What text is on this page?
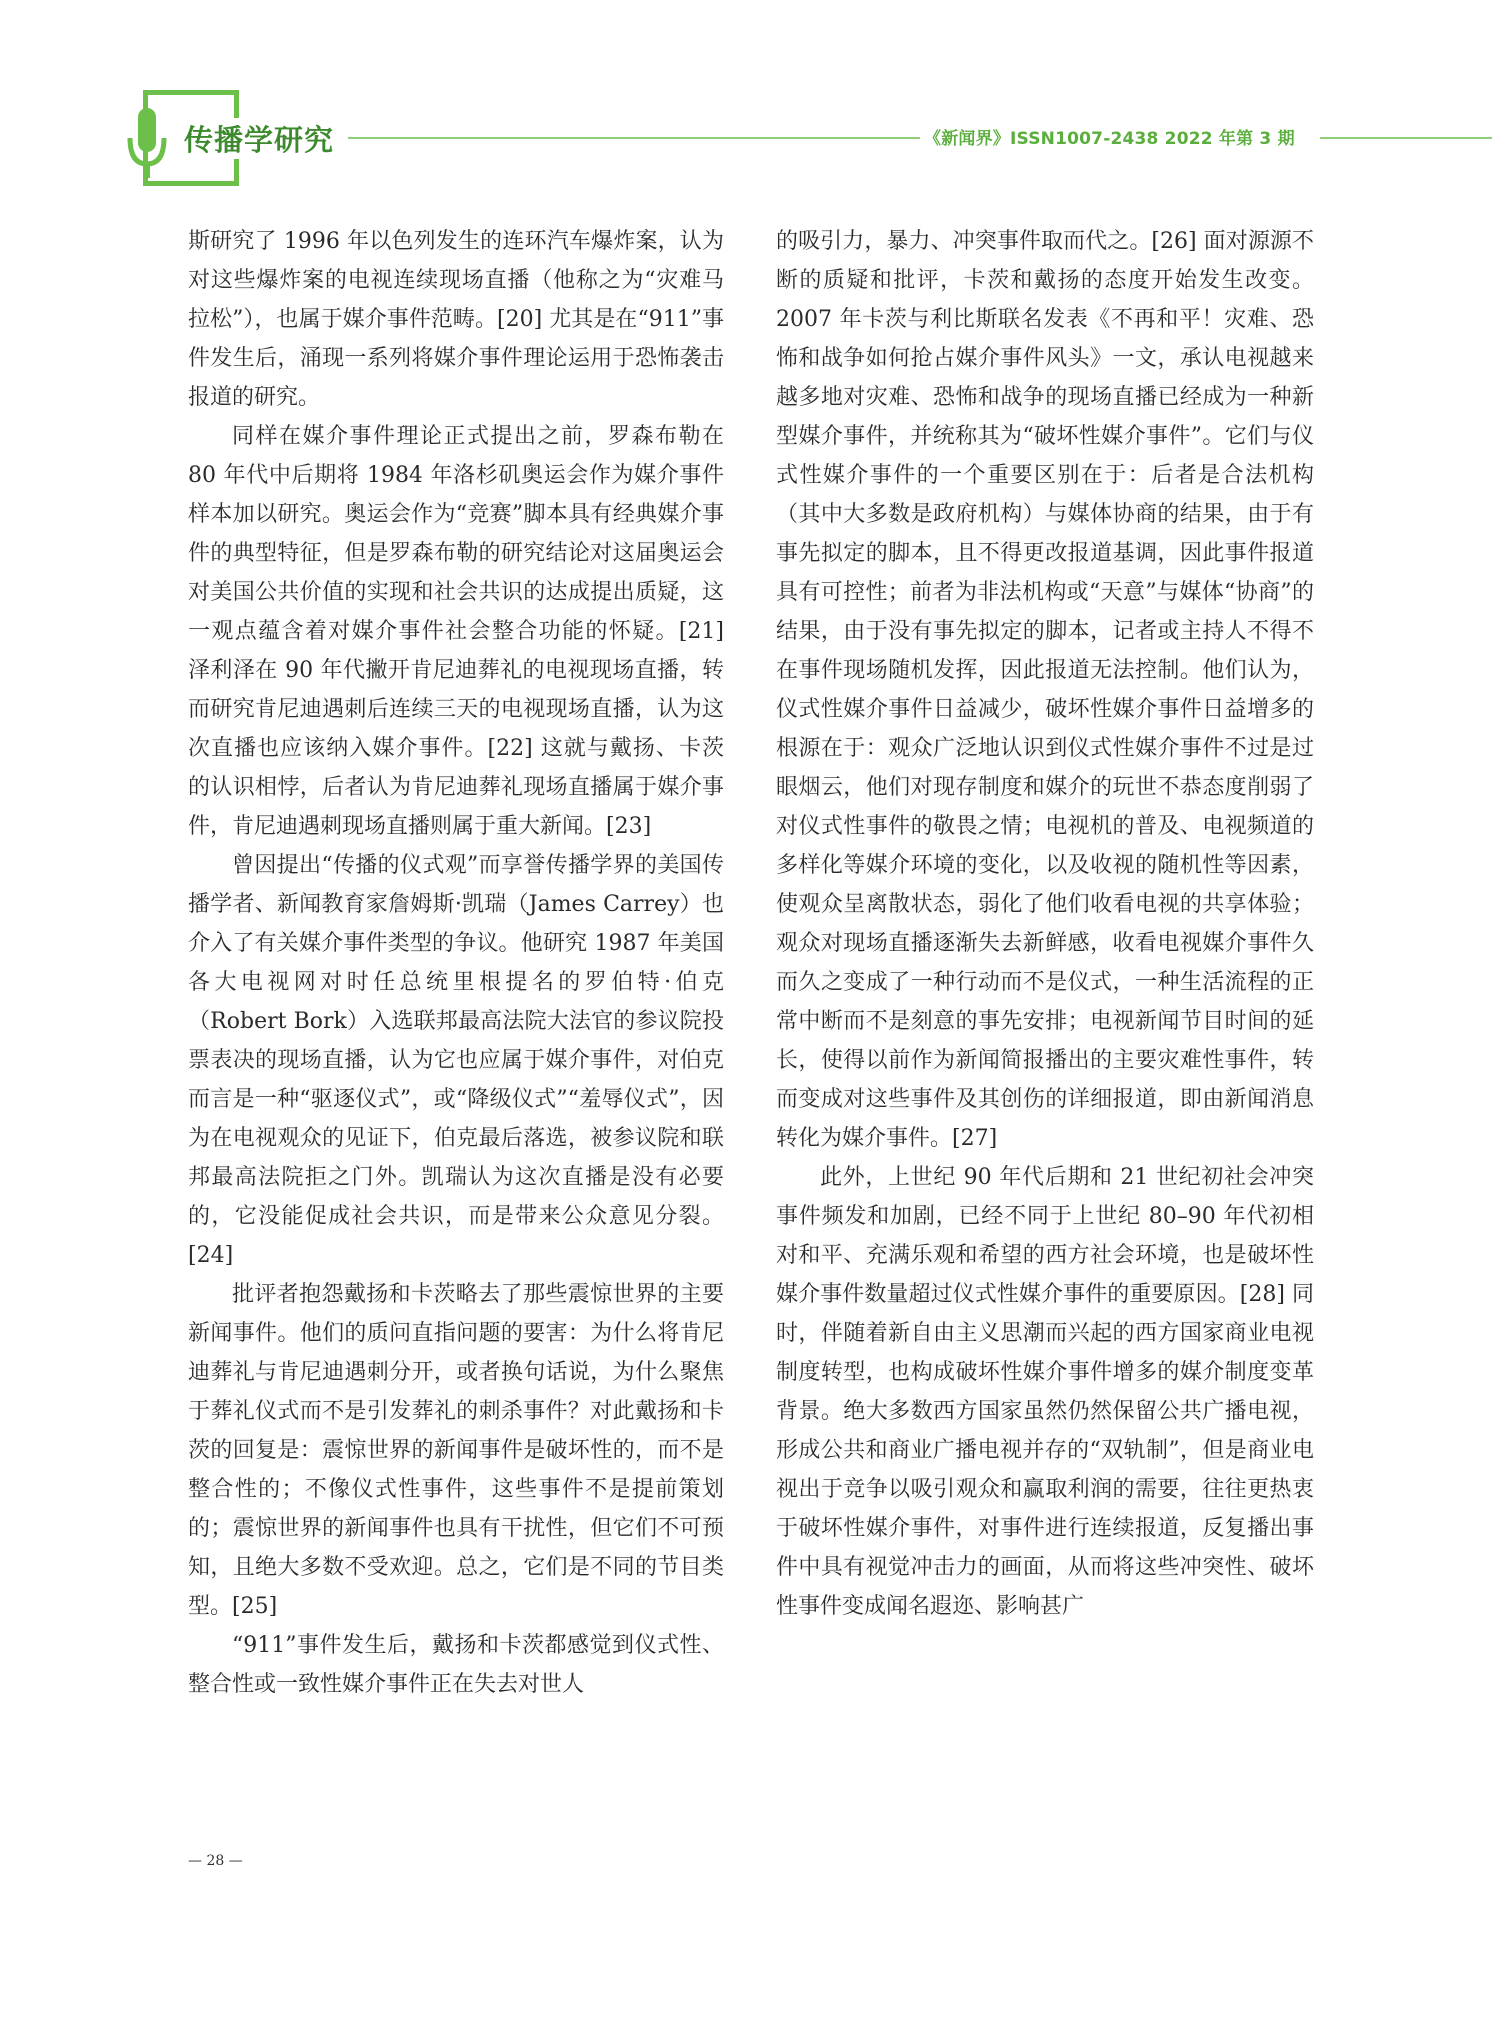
传播学研究	《新闻界》ISSN1007-2438 2022 年第 3 期

斯研究了 1996 年以色列发生的连环汽车爆炸案，认为对这些爆炸案的电视连续现场直播（他称之为“灾难马拉松”），也属于媒介事件范畴。[20] 尤其是在“911”事件发生后，涌现一系列将媒介事件理论运用于恐怖袭击报道的研究。

同样在媒介事件理论正式提出之前，罗森布勒在 80 年代中后期将 1984 年洛杉矶奥运会作为媒介事件样本加以研究。奥运会作为“竞赛”脚本具有经典媒介事件的典型特征，但是罗森布勒的研究结论对这届奥运会对美国公共价值的实现和社会共识的达成提出质疑，这一观点蕴含着对媒介事件社会整合功能的怀疑。[21] 泽利泽在 90 年代撇开肯尼迪葬礼的电视现场直播，转而研究肯尼迪遇刺后连续三天的电视现场直播，认为这次直播也应该纳入媒介事件。[22] 这就与戴扬、卡茨的认识相悖，后者认为肯尼迪葬礼现场直播属于媒介事件，肯尼迪遇刺现场直播则属于重大新闻。[23]

曾因提出“传播的仪式观”而享誉传播学界的美国传播学者、新闻教育家詹姆斯·凯瑞（James Carrey）也介入了有关媒介事件类型的争议。他研究 1987 年美国各大电视网对时任总统里根提名的罗伯特·伯克（Robert Bork）入选联邦最高法院大法官的参议院投票表决的现场直播，认为它也应属于媒介事件，对伯克而言是一种“驱逐仪式”，或“降级仪式”“羞辱仪式”，因为在电视观众的见证下，伯克最后落选，被参议院和联邦最高法院拒之门外。凯瑞认为这次直播是没有必要的，它没能促成社会共识，而是带来公众意见分裂。[24]

批评者抱怨戴扬和卡茨略去了那些震惊世界的主要新闻事件。他们的质问直指问题的要害：为什么将肯尼迪葬礼与肯尼迪遇刺分开，或者换句话说，为什么聚焦于葬礼仪式而不是引发葬礼的刺杀事件？对此戴扬和卡茨的回复是：震惊世界的新闻事件是破坏性的，而不是整合性的；不像仪式性事件，这些事件不是提前策划的；震惊世界的新闻事件也具有干扰性，但它们不可预知，且绝大多数不受欢迎。总之，它们是不同的节目类型。[25]

“911”事件发生后，戴扬和卡茨都感觉到仪式性、整合性或一致性媒介事件正在失去对世人

的吸引力，暴力、冲突事件取而代之。[26] 面对源源不断的质疑和批评，卡茨和戴扬的态度开始发生改变。2007 年卡茨与利比斯联名发表《不再和平！灾难、恐怖和战争如何抢占媒介事件风头》一文，承认电视越来越多地对灾难、恐怖和战争的现场直播已经成为一种新型媒介事件，并统称其为“破坏性媒介事件”。它们与仪式性媒介事件的一个重要区别在于：后者是合法机构（其中大多数是政府机构）与媒体协商的结果，由于有事先拟定的脚本，且不得更改报道基调，因此事件报道具有可控性；前者为非法机构或“天意”与媒体“协商”的结果，由于没有事先拟定的脚本，记者或主持人不得不在事件现场随机发挥，因此报道无法控制。他们认为，仪式性媒介事件日益减少，破坏性媒介事件日益增多的根源在于：观众广泛地认识到仪式性媒介事件不过是过眼烟云，他们对现存制度和媒介的玩世不恭态度削弱了对仪式性事件的敬畏之情；电视机的普及、电视频道的多样化等媒介环境的变化，以及收视的随机性等因素，使观众呈离散状态，弱化了他们收看电视的共享体验；观众对现场直播逐渐失去新鲜感，收看电视媒介事件久而久之变成了一种行动而不是仪式，一种生活流程的正常中断而不是刻意的事先安排；电视新闻节目时间的延长，使得以前作为新闻简报播出的主要灾难性事件，转而变成对这些事件及其创伤的详细报道，即由新闻消息转化为媒介事件。[27]

此外，上世纪 90 年代后期和 21 世纪初社会冲突事件频发和加剧，已经不同于上世纪 80–90 年代初相对和平、充满乐观和希望的西方社会环境，也是破坏性媒介事件数量超过仪式性媒介事件的重要原因。[28] 同时，伴随着新自由主义思潮而兴起的西方国家商业电视制度转型，也构成破坏性媒介事件增多的媒介制度变革背景。绝大多数西方国家虽然仍然保留公共广播电视，形成公共和商业广播电视并存的“双轨制”，但是商业电视出于竞争以吸引观众和赢取利润的需要，往往更热衷于破坏性媒介事件，对事件进行连续报道，反复播出事件中具有视觉冲击力的画面，从而将这些冲突性、破坏性事件变成闻名遐迩、影响甚广

— 28 —
